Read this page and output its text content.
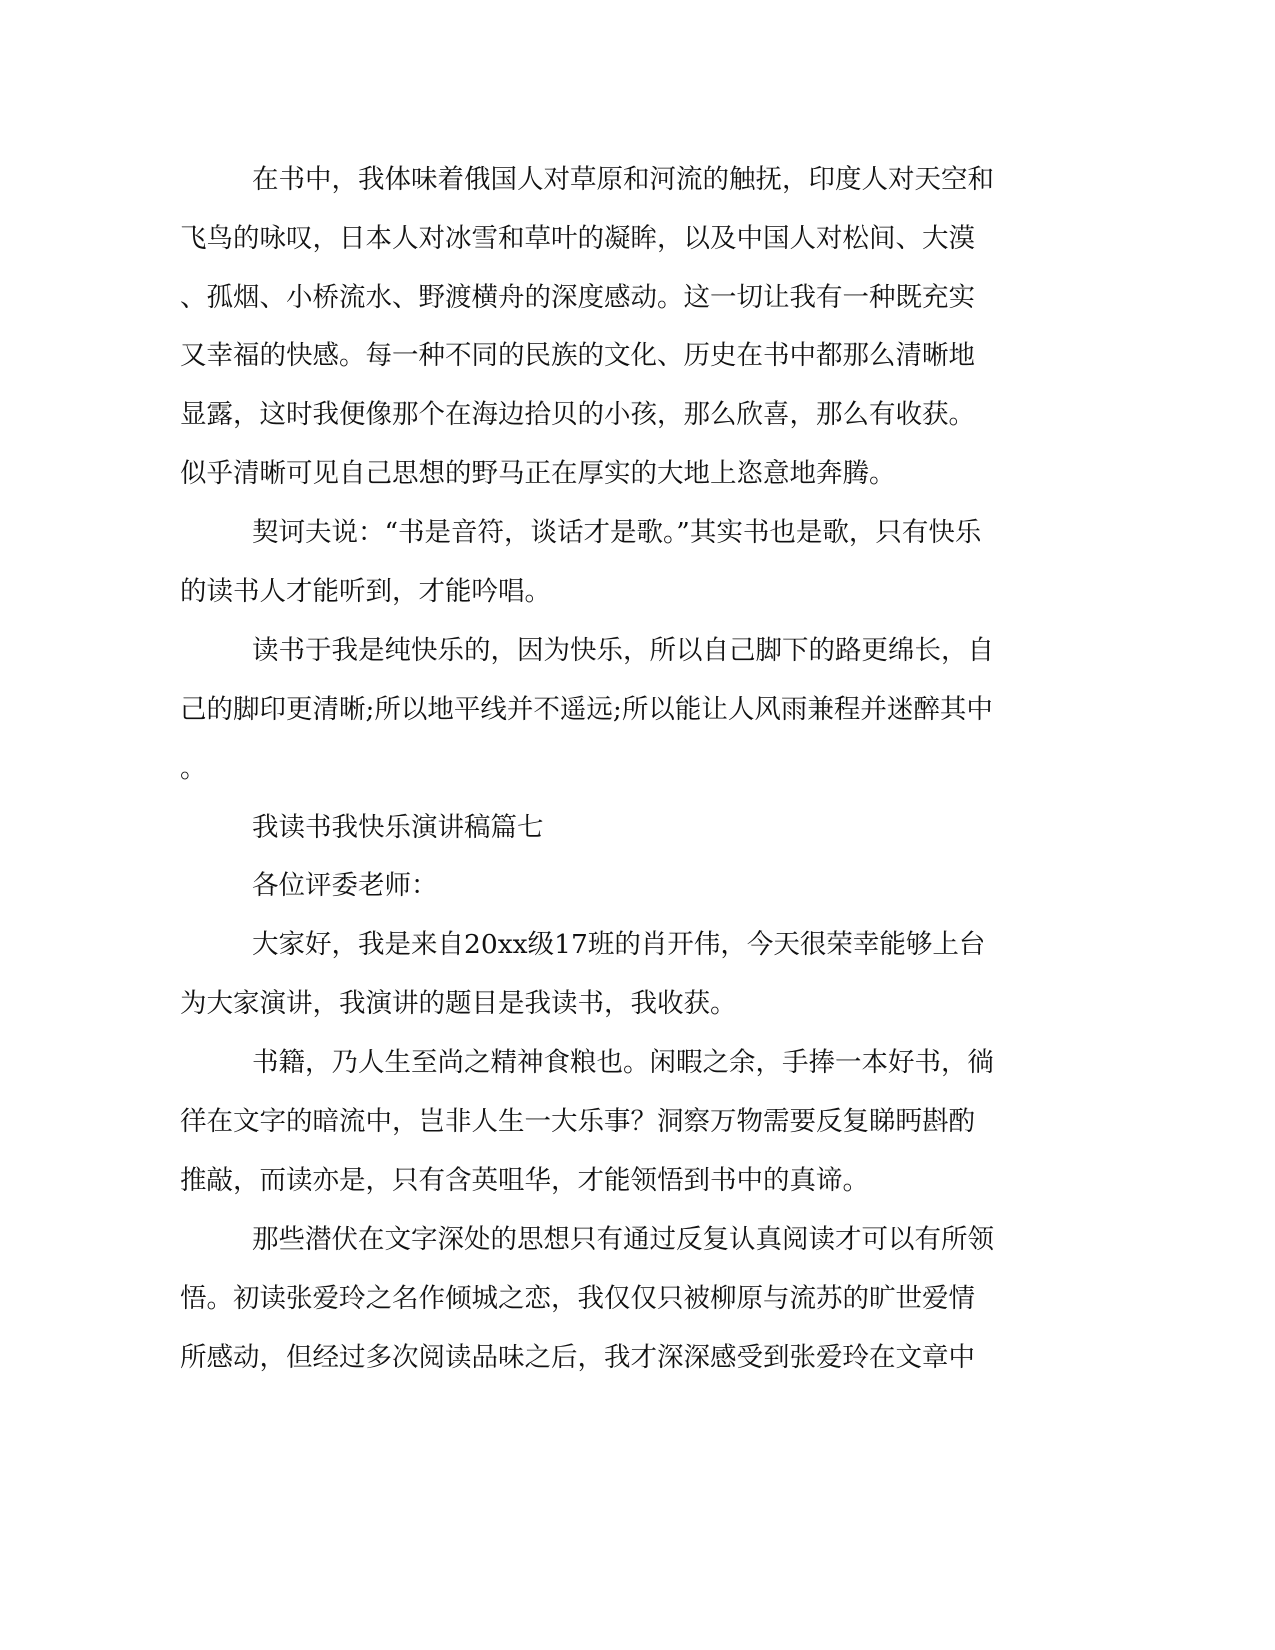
在书中，我体味着俄国人对草原和河流的触抚，印度人对天空和
飞鸟的咏叹，日本人对冰雪和草叶的凝眸，以及中国人对松间、大漠
、孤烟、小桥流水、野渡横舟的深度感动。这一切让我有一种既充实
又幸福的快感。每一种不同的民族的文化、历史在书中都那么清晰地
显露，这时我便像那个在海边拾贝的小孩，那么欣喜，那么有收获。
似乎清晰可见自己思想的野马正在厚实的大地上恣意地奔腾。
契诃夫说：“书是音符，谈话才是歌。”其实书也是歌，只有快乐
的读书人才能听到，才能吟唱。
读书于我是纯快乐的，因为快乐，所以自己脚下的路更绵长，自
己的脚印更清晰;所以地平线并不遥远;所以能让人风雨兼程并迷醉其中
。
我读书我快乐演讲稿篇七
各位评委老师：
大家好，我是来自20xx级17班的肖开伟，今天很荣幸能够上台
为大家演讲，我演讲的题目是我读书，我收获。
书籍，乃人生至尚之精神食粮也。闲暇之余，手捧一本好书，徜
徉在文字的暗流中，岂非人生一大乐事？洞察万物需要反复睇眄斟酌
推敲，而读亦是，只有含英咀华，才能领悟到书中的真谛。
那些潜伏在文字深处的思想只有通过反复认真阅读才可以有所领
悟。初读张爱玲之名作倾城之恋，我仅仅只被柳原与流苏的旷世爱情
所感动，但经过多次阅读品味之后，我才深深感受到张爱玲在文章中
